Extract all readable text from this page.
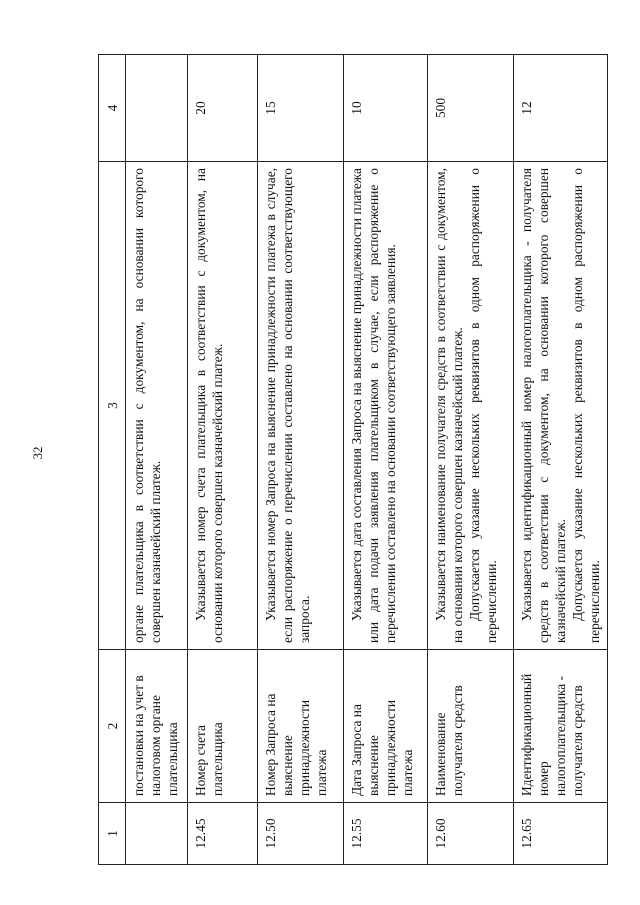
32
1	2	3	4
	постановки на учет в налоговом органе плательщика	органе плательщика в соответствии с документом, на основании которого совершен казначейский платеж.	

12.45	Номер счета плательщика	Указывается номер счета плательщика в соответствии с документом, на основании которого совершен казначейский платеж.	20
12.50	Номер Запроса на выяснение принадлежности платежа	Указывается номер Запроса на выяснение принадлежности платежа в случае, если распоряжение о перечислении составлено на основании соответствующего запроса.	15
12.55	Дата Запроса на выяснение принадлежности платежа	Указывается дата составления Запроса на выяснение принадлежности платежа или дата подачи заявления плательщиком в случае, если распоряжение о перечислении составлено на основании соответствующего заявления.	10
12.60	Наименование получателя средств	Указывается наименование получателя средств в соответствии с документом, на основании которого совершен казначейский платеж. Допускается указание нескольких реквизитов в одном распоряжении о перечислении.	500
12.65	Идентификационный номер налогоплательщика - получателя средств	Указывается идентификационный номер налогоплательщика - получателя средств в соответствии с документом, на основании которого совершен казначейский платеж. Допускается указание нескольких реквизитов в одном распоряжении о перечислении.	12
